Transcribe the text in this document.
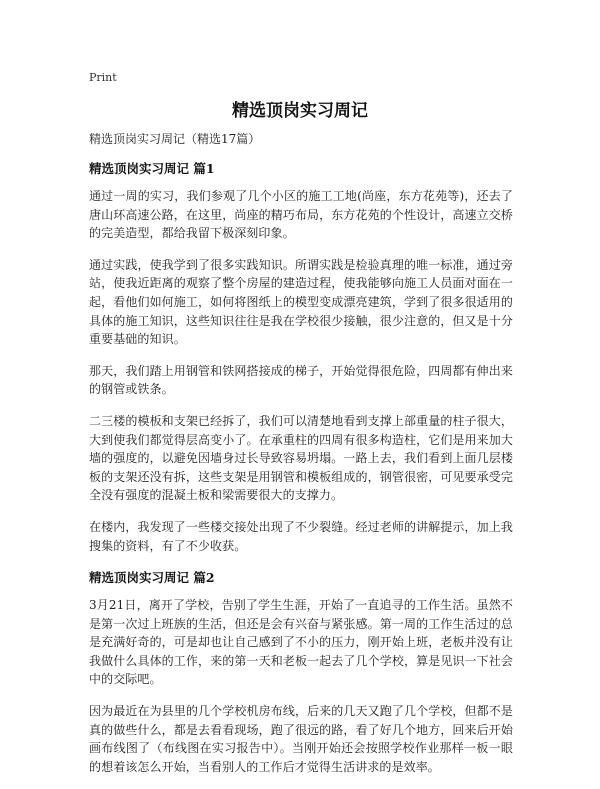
Print
精选顶岗实习周记

精选顶岗实习周记（精选17篇）

精选顶岗实习周记 篇1

通过一周的实习，我们参观了几个小区的施工工地(尚座，东方花苑等)，还去了唐山环高速公路，在这里，尚座的精巧布局，东方花苑的个性设计，高速立交桥的完美造型，都给我留下极深刻印象。

通过实践，使我学到了很多实践知识。所谓实践是检验真理的唯一标准，通过旁站，使我近距离的观察了整个房屋的建造过程，使我能够向施工人员面对面在一起，看他们如何施工，如何将图纸上的模型变成漂亮建筑，学到了很多很适用的具体的施工知识，这些知识往往是我在学校很少接触，很少注意的，但又是十分重要基础的知识。

那天，我们踏上用钢管和铁网搭接成的梯子，开始觉得很危险，四周都有伸出来的钢管或铁条。

二三楼的模板和支架已经拆了，我们可以清楚地看到支撑上部重量的柱子很大，大到使我们都觉得层高变小了。在承重柱的四周有很多构造柱，它们是用来加大墙的强度的，以避免因墙身过长导致容易坍塌。一路上去，我们看到上面几层楼板的支架还没有拆，这些支架是用钢管和模板组成的，钢管很密，可见要承受完全没有强度的混凝土板和梁需要很大的支撑力。

在楼内，我发现了一些楼交接处出现了不少裂缝。经过老师的讲解提示，加上我搜集的资料，有了不少收获。

精选顶岗实习周记 篇2

3月21日，离开了学校，告别了学生生涯，开始了一直追寻的工作生活。虽然不是第一次过上班族的生活，但还是会有兴奋与紧张感。第一周的工作生活过的总是充满好奇的，可是却也让自己感到了不小的压力，刚开始上班，老板并没有让我做什么具体的工作，来的第一天和老板一起去了几个学校，算是见识一下社会中的交际吧。

因为最近在为县里的几个学校机房布线，后来的几天又跑了几个学校，但都不是真的做些什么，都是去看看现场，跑了很远的路，看了好几个地方，回来后开始画布线图了（布线图在实习报告中）。当刚开始还会按照学校作业那样一板一眼的想着该怎么开始，当看别人的工作后才觉得生活讲求的是效率。
